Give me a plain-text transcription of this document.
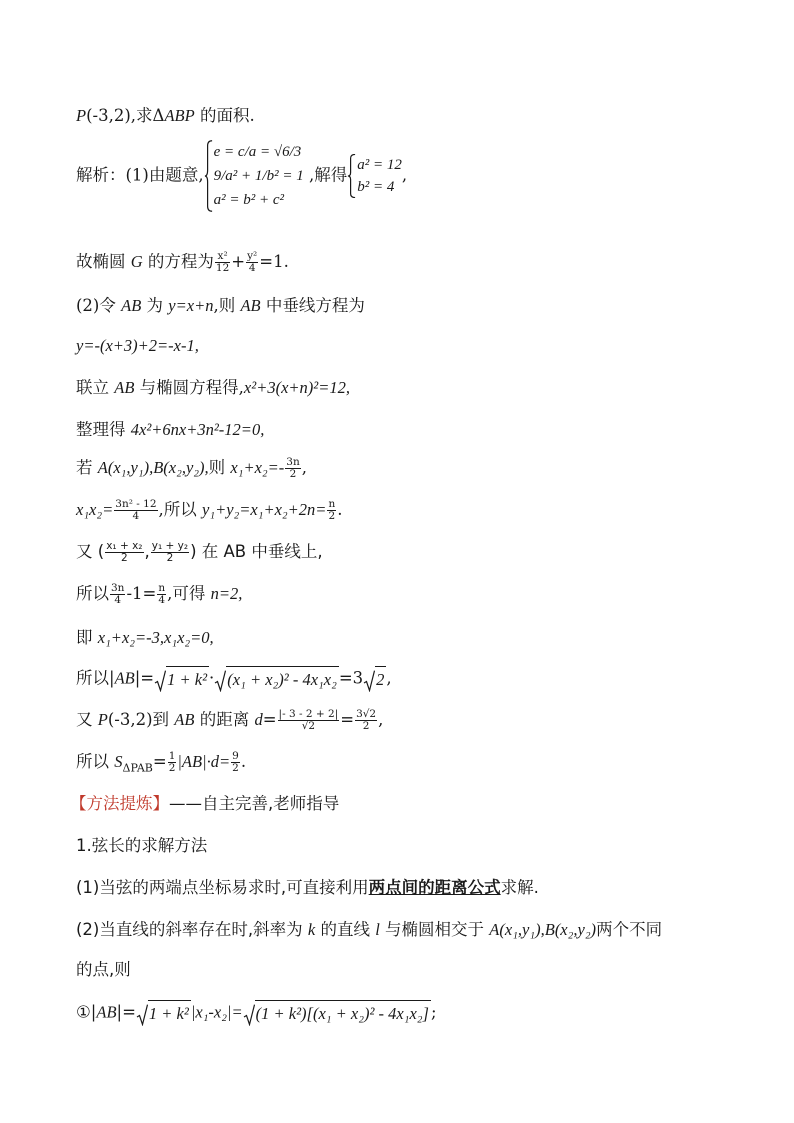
P(-3,2),求ΔABP 的面积.
解析：(1)由题意,
e = c/a = √6/3
9/a² + 1/b² = 1
a² = b² + c²
,解得
a² = 12
b² = 4
,
故椭圆 G 的方程为 $\frac{\text{x²}}{12} + \frac{\text{y²}}{4} =1$.
(2)令 AB 为 y=x+n,则 AB 中垂线方程为
y=-(x+3)+2=-x-1,
联立 AB 与椭圆方程得,x²+3(x+n)²=12,
整理得 4x²+6nx+3n²-12=0,
若 A(x₁,y₁),B(x₂,y₂),则 $x_1+x_2=- \frac{3n}{2}$ ,
$x_1x_2= \frac{\text{3n² - 12}}{4}$ ,所以 $y_1+y_2=x_1+x_2+2n= \frac{n}{2}$ .
又 ( $\frac{\text{x₁ + x₂}}{2}$ , $\frac{\text{y₁ + y₂}}{2}$ ) 在 AB 中垂线上,
所以 $\frac{3n}{4} -1= \frac{n}{4}$ ,可得 n=2,
即 x₁+x₂=-3,x₁x₂=0,
所以|AB|= 1 + k² · (x₁ + x₂)² - 4x₁x₂ =3 2 ,
又 P(-3,2)到 AB 的距离 $d= \frac{|- 3 - 2 + 2|}{√2} = \frac{3√2}{2}$ ,
所以 $S_{\Delta PAB}= \frac{1}{2} |AB|\cdot d= \frac{9}{2}$ .
【方法提炼】——自主完善,老师指导
1.弦长的求解方法
(1)当弦的两端点坐标易求时,可直接利用两点间的距离公式求解.
(2)当直线的斜率存在时,斜率为 k 的直线 l 与椭圆相交于 A(x₁,y₁),B(x₂,y₂)两个不同
的点,则
①|AB|= 1 + k² |x₁-x₂|= (1 + k²)[(x₁ + x₂)² - 4x₁x₂] ;
